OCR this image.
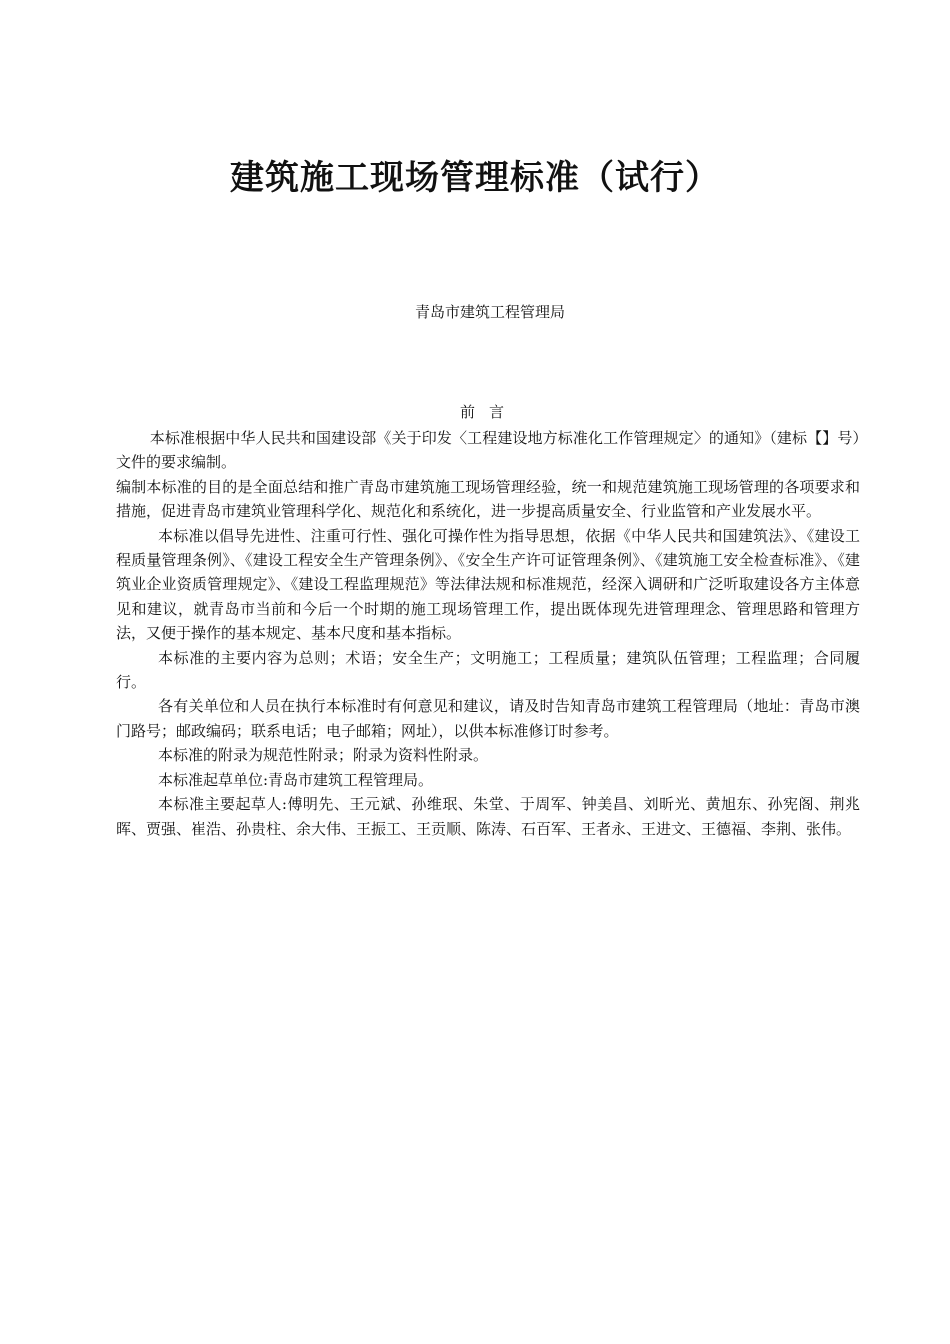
建筑施工现场管理标准（试行）
青岛市建筑工程管理局
前言

本标准根据中华人民共和国建设部《关于印发〈工程建设地方标准化工作管理规定〉的通知》（建标【】号）文件的要求编制。

编制本标准的目的是全面总结和推广青岛市建筑施工现场管理经验，统一和规范建筑施工现场管理的各项要求和措施，促进青岛市建筑业管理科学化、规范化和系统化，进一步提高质量安全、行业监管和产业发展水平。

本标准以倡导先进性、注重可行性、强化可操作性为指导思想，依据《中华人民共和国建筑法》、《建设工程质量管理条例》、《建设工程安全生产管理条例》、《安全生产许可证管理条例》、《建筑施工安全检查标准》、《建筑业企业资质管理规定》、《建设工程监理规范》等法律法规和标准规范，经深入调研和广泛听取建设各方主体意见和建议，就青岛市当前和今后一个时期的施工现场管理工作，提出既体现先进管理理念、管理思路和管理方法，又便于操作的基本规定、基本尺度和基本指标。

本标准的主要内容为总则；术语；安全生产；文明施工；工程质量；建筑队伍管理；工程监理；合同履行。

各有关单位和人员在执行本标准时有何意见和建议，请及时告知青岛市建筑工程管理局（地址：青岛市澳门路号；邮政编码；联系电话；电子邮箱；网址），以供本标准修订时参考。

本标准的附录为规范性附录；附录为资料性附录。

本标准起草单位:青岛市建筑工程管理局。

本标准主要起草人:傅明先、王元斌、孙维珉、朱堂、于周军、钟美昌、刘昕光、黄旭东、孙宪阁、荆兆晖、贾强、崔浩、孙贵柱、余大伟、王振工、王贡顺、陈涛、石百军、王者永、王进文、王德福、李荆、张伟。
